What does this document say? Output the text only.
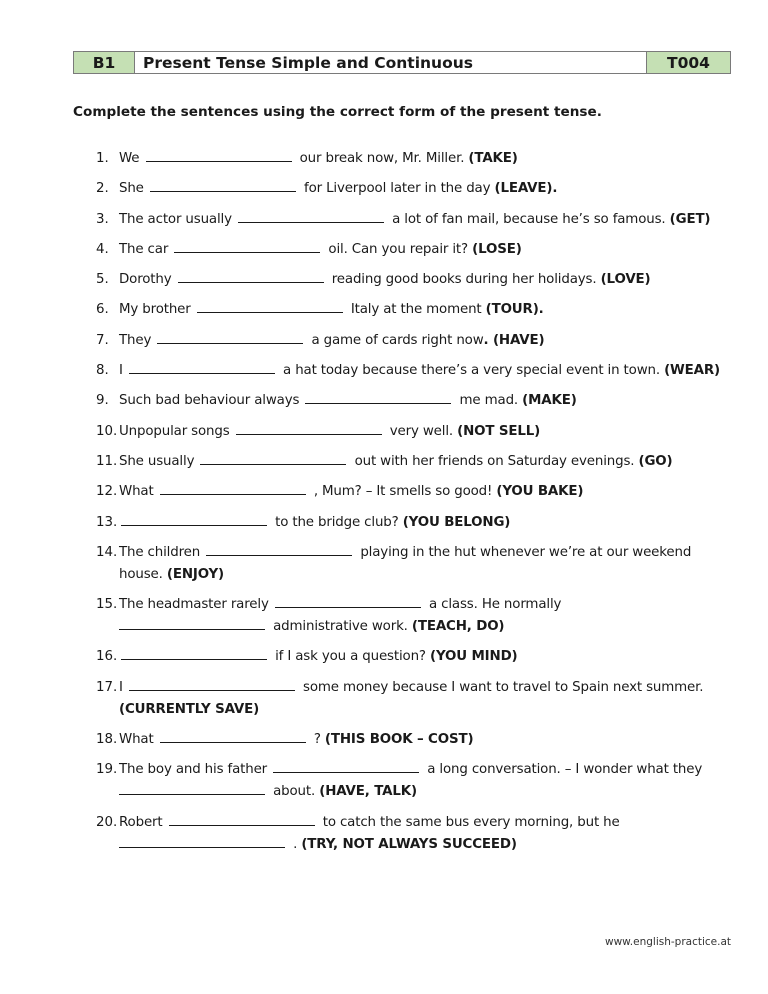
B1	Present Tense Simple and Continuous	T004

Complete the sentences using the correct form of the present tense.

1. We	our break now, Mr. Miller. (TAKE)
2. She	for Liverpool later in the day (LEAVE).
3. The actor usually	a lot of fan mail, because he’s so famous. (GET)
4. The car	oil. Can you repair it? (LOSE)
5. Dorothy	reading good books during her holidays. (LOVE)
6. My brother	Italy at the moment (TOUR).
7. They	a game of cards right now. (HAVE)
8. I	a hat today because there’s a very special event in town. (WEAR)
9. Such bad behaviour always	me mad. (MAKE)
10. Unpopular songs	very well. (NOT SELL)
11. She usually	out with her friends on Saturday evenings. (GO)
12. What	, Mum? – It smells so good! (YOU BAKE)
13.	to the bridge club? (YOU BELONG)
14. The children	playing in the hut whenever we’re at our weekend house. (ENJOY)
15. The headmaster rarely	a class. He normally
administrative work. (TEACH, DO)
16.	if I ask you a question? (YOU MIND)
17. I	some money because I want to travel to Spain next summer. (CURRENTLY SAVE)
18. What	? (THIS BOOK – COST)
19. The boy and his father	a long conversation. – I wonder what they
about. (HAVE, TALK)
20. Robert	to catch the same bus every morning, but he
. (TRY, NOT ALWAYS SUCCEED)
www.english-practice.at
